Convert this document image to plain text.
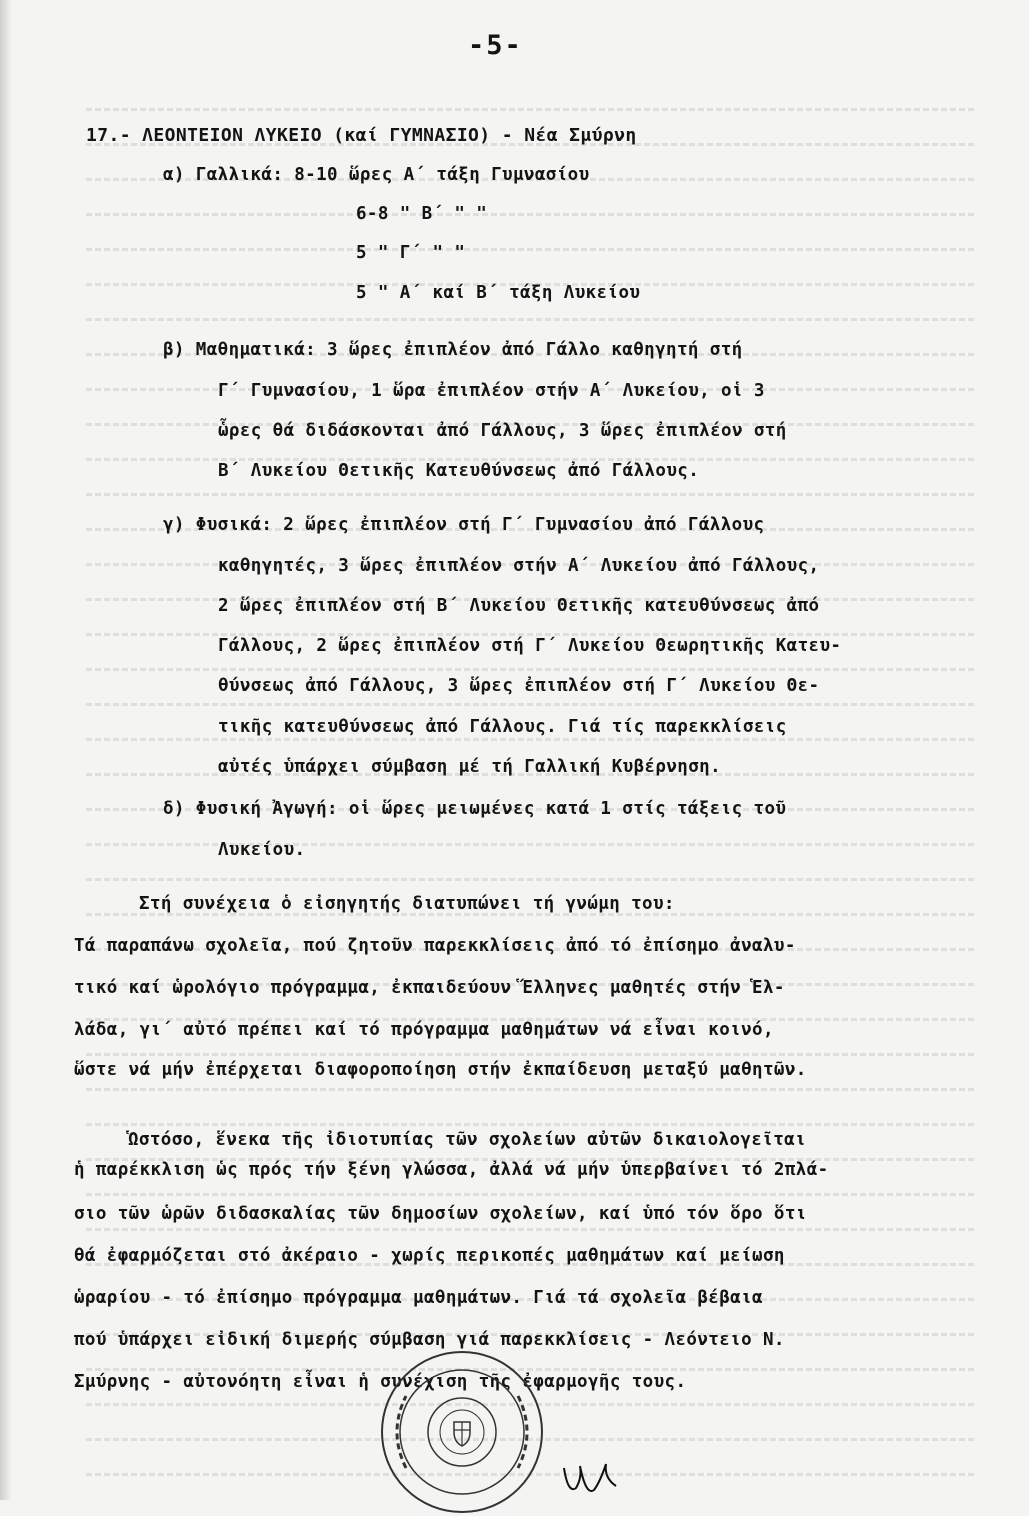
-5-
17.- ΛΕΟΝΤΕΙΟΝ ΛΥΚΕΙΟ (καί ΓΥΜΝΑΣΙΟ) - Νέα Σμύρνη
α) Γαλλικά: 8-10 ὥρες Α΄ τάξη Γυμνασίου
6-8 " Β΄ " "
5 " Γ΄ " "
5 " Α΄ καί Β΄ τάξη Λυκείου
β) Μαθηματικά: 3 ὥρες ἐπιπλέον ἀπό Γάλλο καθηγητή στή
Γ΄ Γυμνασίου, 1 ὥρα ἐπιπλέον στήν Α΄ Λυκείου, οἱ 3
ὧρες θά διδάσκονται ἀπό Γάλλους, 3 ὥρες ἐπιπλέον στή
Β΄ Λυκείου Θετικῆς Κατευθύνσεως ἀπό Γάλλους.
γ) Φυσικά: 2 ὥρες ἐπιπλέον στή Γ΄ Γυμνασίου ἀπό Γάλλους
καθηγητές, 3 ὥρες ἐπιπλέον στήν Α΄ Λυκείου ἀπό Γάλλους,
2 ὥρες ἐπιπλέον στή Β΄ Λυκείου Θετικῆς κατευθύνσεως ἀπό
Γάλλους, 2 ὥρες ἐπιπλέον στή Γ΄ Λυκείου Θεωρητικῆς Κατευ-
θύνσεως ἀπό Γάλλους, 3 ὥρες ἐπιπλέον στή Γ΄ Λυκείου Θε-
τικῆς κατευθύνσεως ἀπό Γάλλους. Γιά τίς παρεκκλίσεις
αὐτές ὑπάρχει σύμβαση μέ τή Γαλλική Κυβέρνηση.
δ) Φυσική Ἀγωγή: οἱ ὥρες μειωμένες κατά 1 στίς τάξεις τοῦ
Λυκείου.
Στή συνέχεια ὁ εἰσηγητής διατυπώνει τή γνώμη του:
Τά παραπάνω σχολεῖα, πού ζητοῦν παρεκκλίσεις ἀπό τό ἐπίσημο ἀναλυ-
τικό καί ὡρολόγιο πρόγραμμα, ἐκπαιδεύουν Ἕλληνες μαθητές στήν Ἑλ-
λάδα, γι΄ αὐτό πρέπει καί τό πρόγραμμα μαθημάτων νά εἶναι κοινό,
ὥστε νά μήν ἐπέρχεται διαφοροποίηση στήν ἐκπαίδευση μεταξύ μαθητῶν.
Ὡστόσο, ἕνεκα τῆς ἰδιοτυπίας τῶν σχολείων αὐτῶν δικαιολογεῖται
ἡ παρέκκλιση ὡς πρός τήν ξένη γλώσσα, ἀλλά νά μήν ὑπερβαίνει τό 2πλά-
σιο τῶν ὡρῶν διδασκαλίας τῶν δημοσίων σχολείων, καί ὑπό τόν ὅρο ὅτι
θά ἐφαρμόζεται στό ἀκέραιο - χωρίς περικοπές μαθημάτων καί μείωση
ὡραρίου - τό ἐπίσημο πρόγραμμα μαθημάτων. Γιά τά σχολεῖα βέβαια
πού ὑπάρχει εἰδική διμερής σύμβαση γιά παρεκκλίσεις - Λεόντειο Ν.
Σμύρνης - αὐτονόητη εἶναι ἡ συνέχιση τῆς ἐφαρμογῆς τους.
